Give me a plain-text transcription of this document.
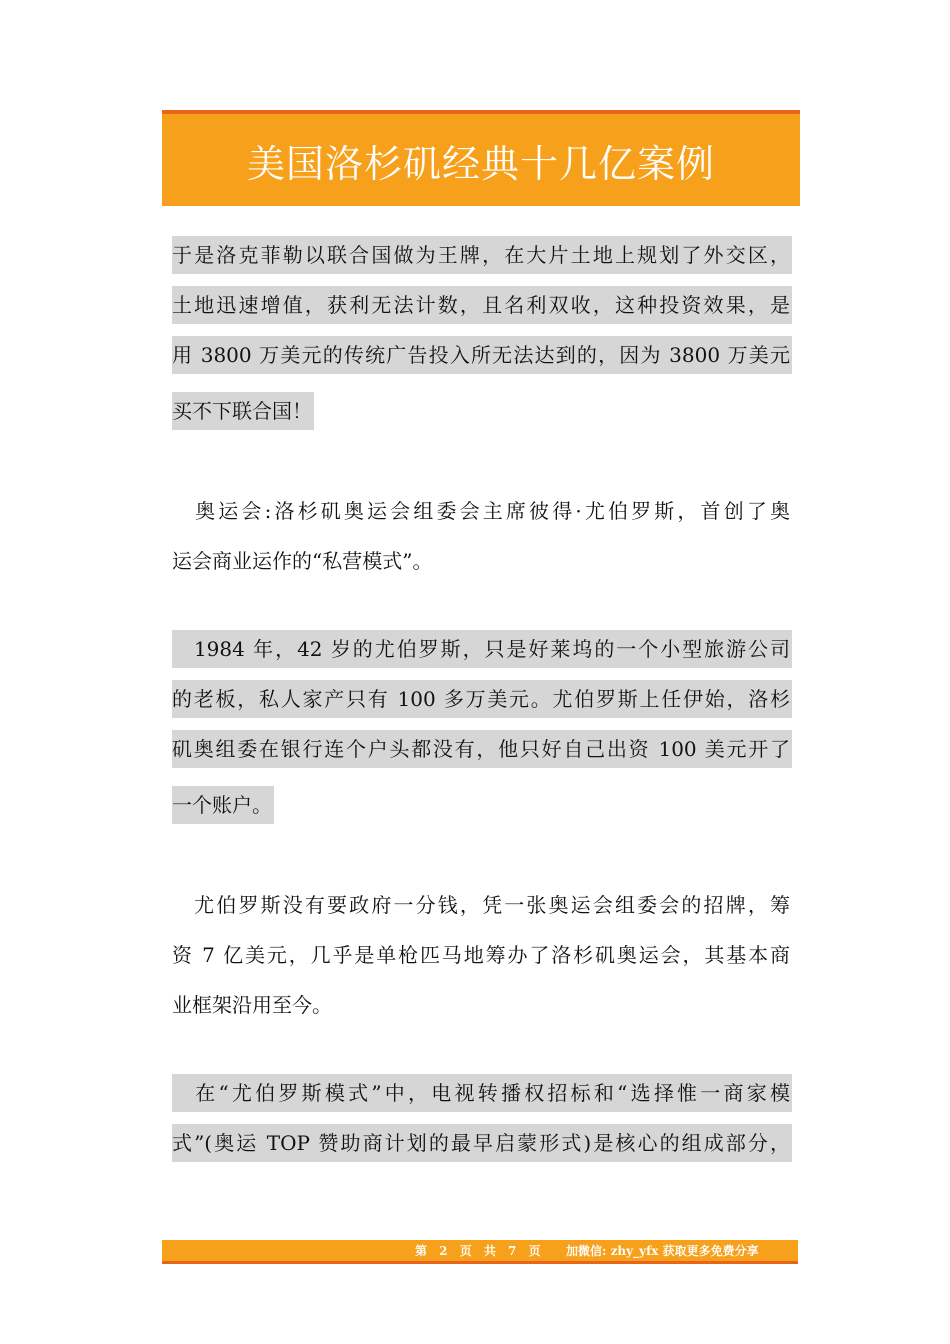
美国洛杉矶经典十几亿案例
于是洛克菲勒以联合国做为王牌，在大片土地上规划了外交区，
土地迅速增值，获利无法计数，且名利双收，这种投资效果，是
用 3800 万美元的传统广告投入所无法达到的，因为 3800 万美元
买不下联合国！
　奥运会:洛杉矶奥运会组委会主席彼得·尤伯罗斯，首创了奥
运会商业运作的“私营模式”。
　1984 年，42 岁的尤伯罗斯，只是好莱坞的一个小型旅游公司
的老板，私人家产只有 100 多万美元。尤伯罗斯上任伊始，洛杉
矶奥组委在银行连个户头都没有，他只好自己出资 100 美元开了
一个账户。
　尤伯罗斯没有要政府一分钱，凭一张奥运会组委会的招牌，筹
资 7 亿美元，几乎是单枪匹马地筹办了洛杉矶奥运会，其基本商
业框架沿用至今。
　在“尤伯罗斯模式”中，电视转播权招标和“选择惟一商家模
式”(奥运 TOP 赞助商计划的最早启蒙形式)是核心的组成部分，
第 2 页 共 7 页 加微信: zhy_yfx 获取更多免费分享
